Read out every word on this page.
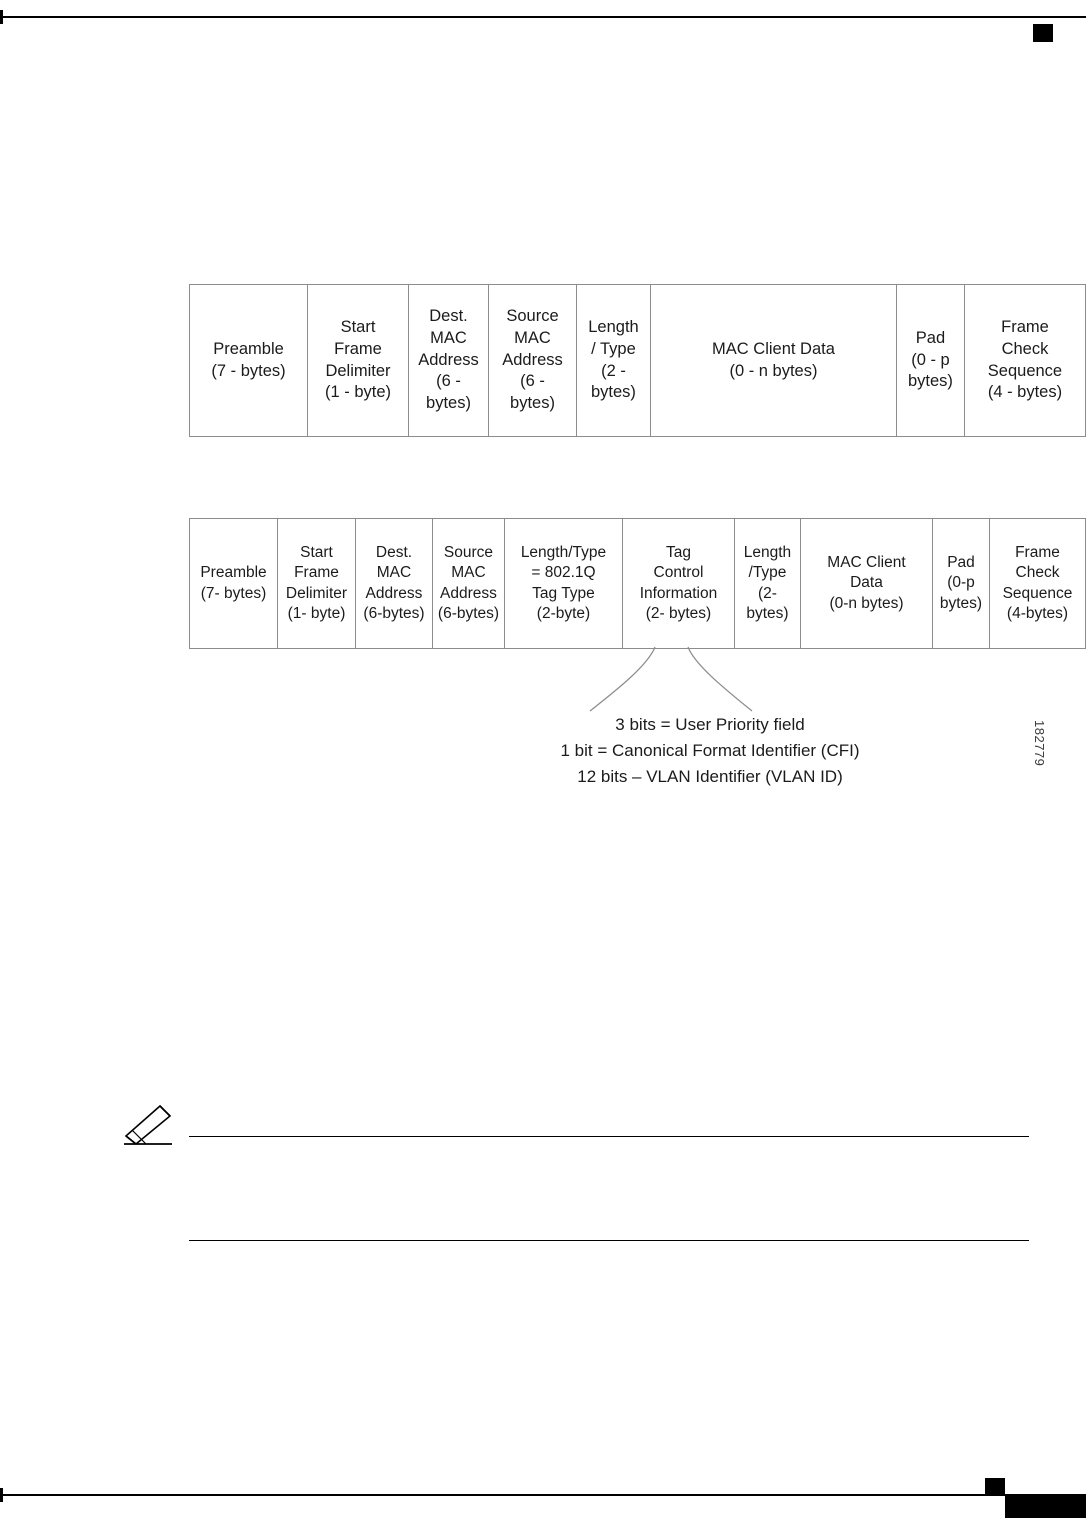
Preamble
(7 - bytes)
Start
Frame
Delimiter
(1 - byte)
Dest.
MAC
Address
(6 -
bytes)
Source
MAC
Address
(6 -
bytes)
Length
/ Type
(2 -
bytes)
MAC Client Data
(0 - n bytes)
Pad
(0 - p
bytes)
Frame
Check
Sequence
(4 - bytes)
Preamble
(7- bytes)
Start
Frame
Delimiter
(1- byte)
Dest.
MAC
Address
(6-bytes)
Source
MAC
Address
(6-bytes)
Length/Type
= 802.1Q
Tag Type
(2-byte)
Tag
Control
Information
(2- bytes)
Length
/Type
(2-
bytes)
MAC Client
Data
(0-n bytes)
Pad
(0-p
bytes)
Frame
Check
Sequence
(4-bytes)
3 bits = User Priority field
1 bit = Canonical Format Identifier (CFI)
12 bits – VLAN Identifier (VLAN ID)
182779
